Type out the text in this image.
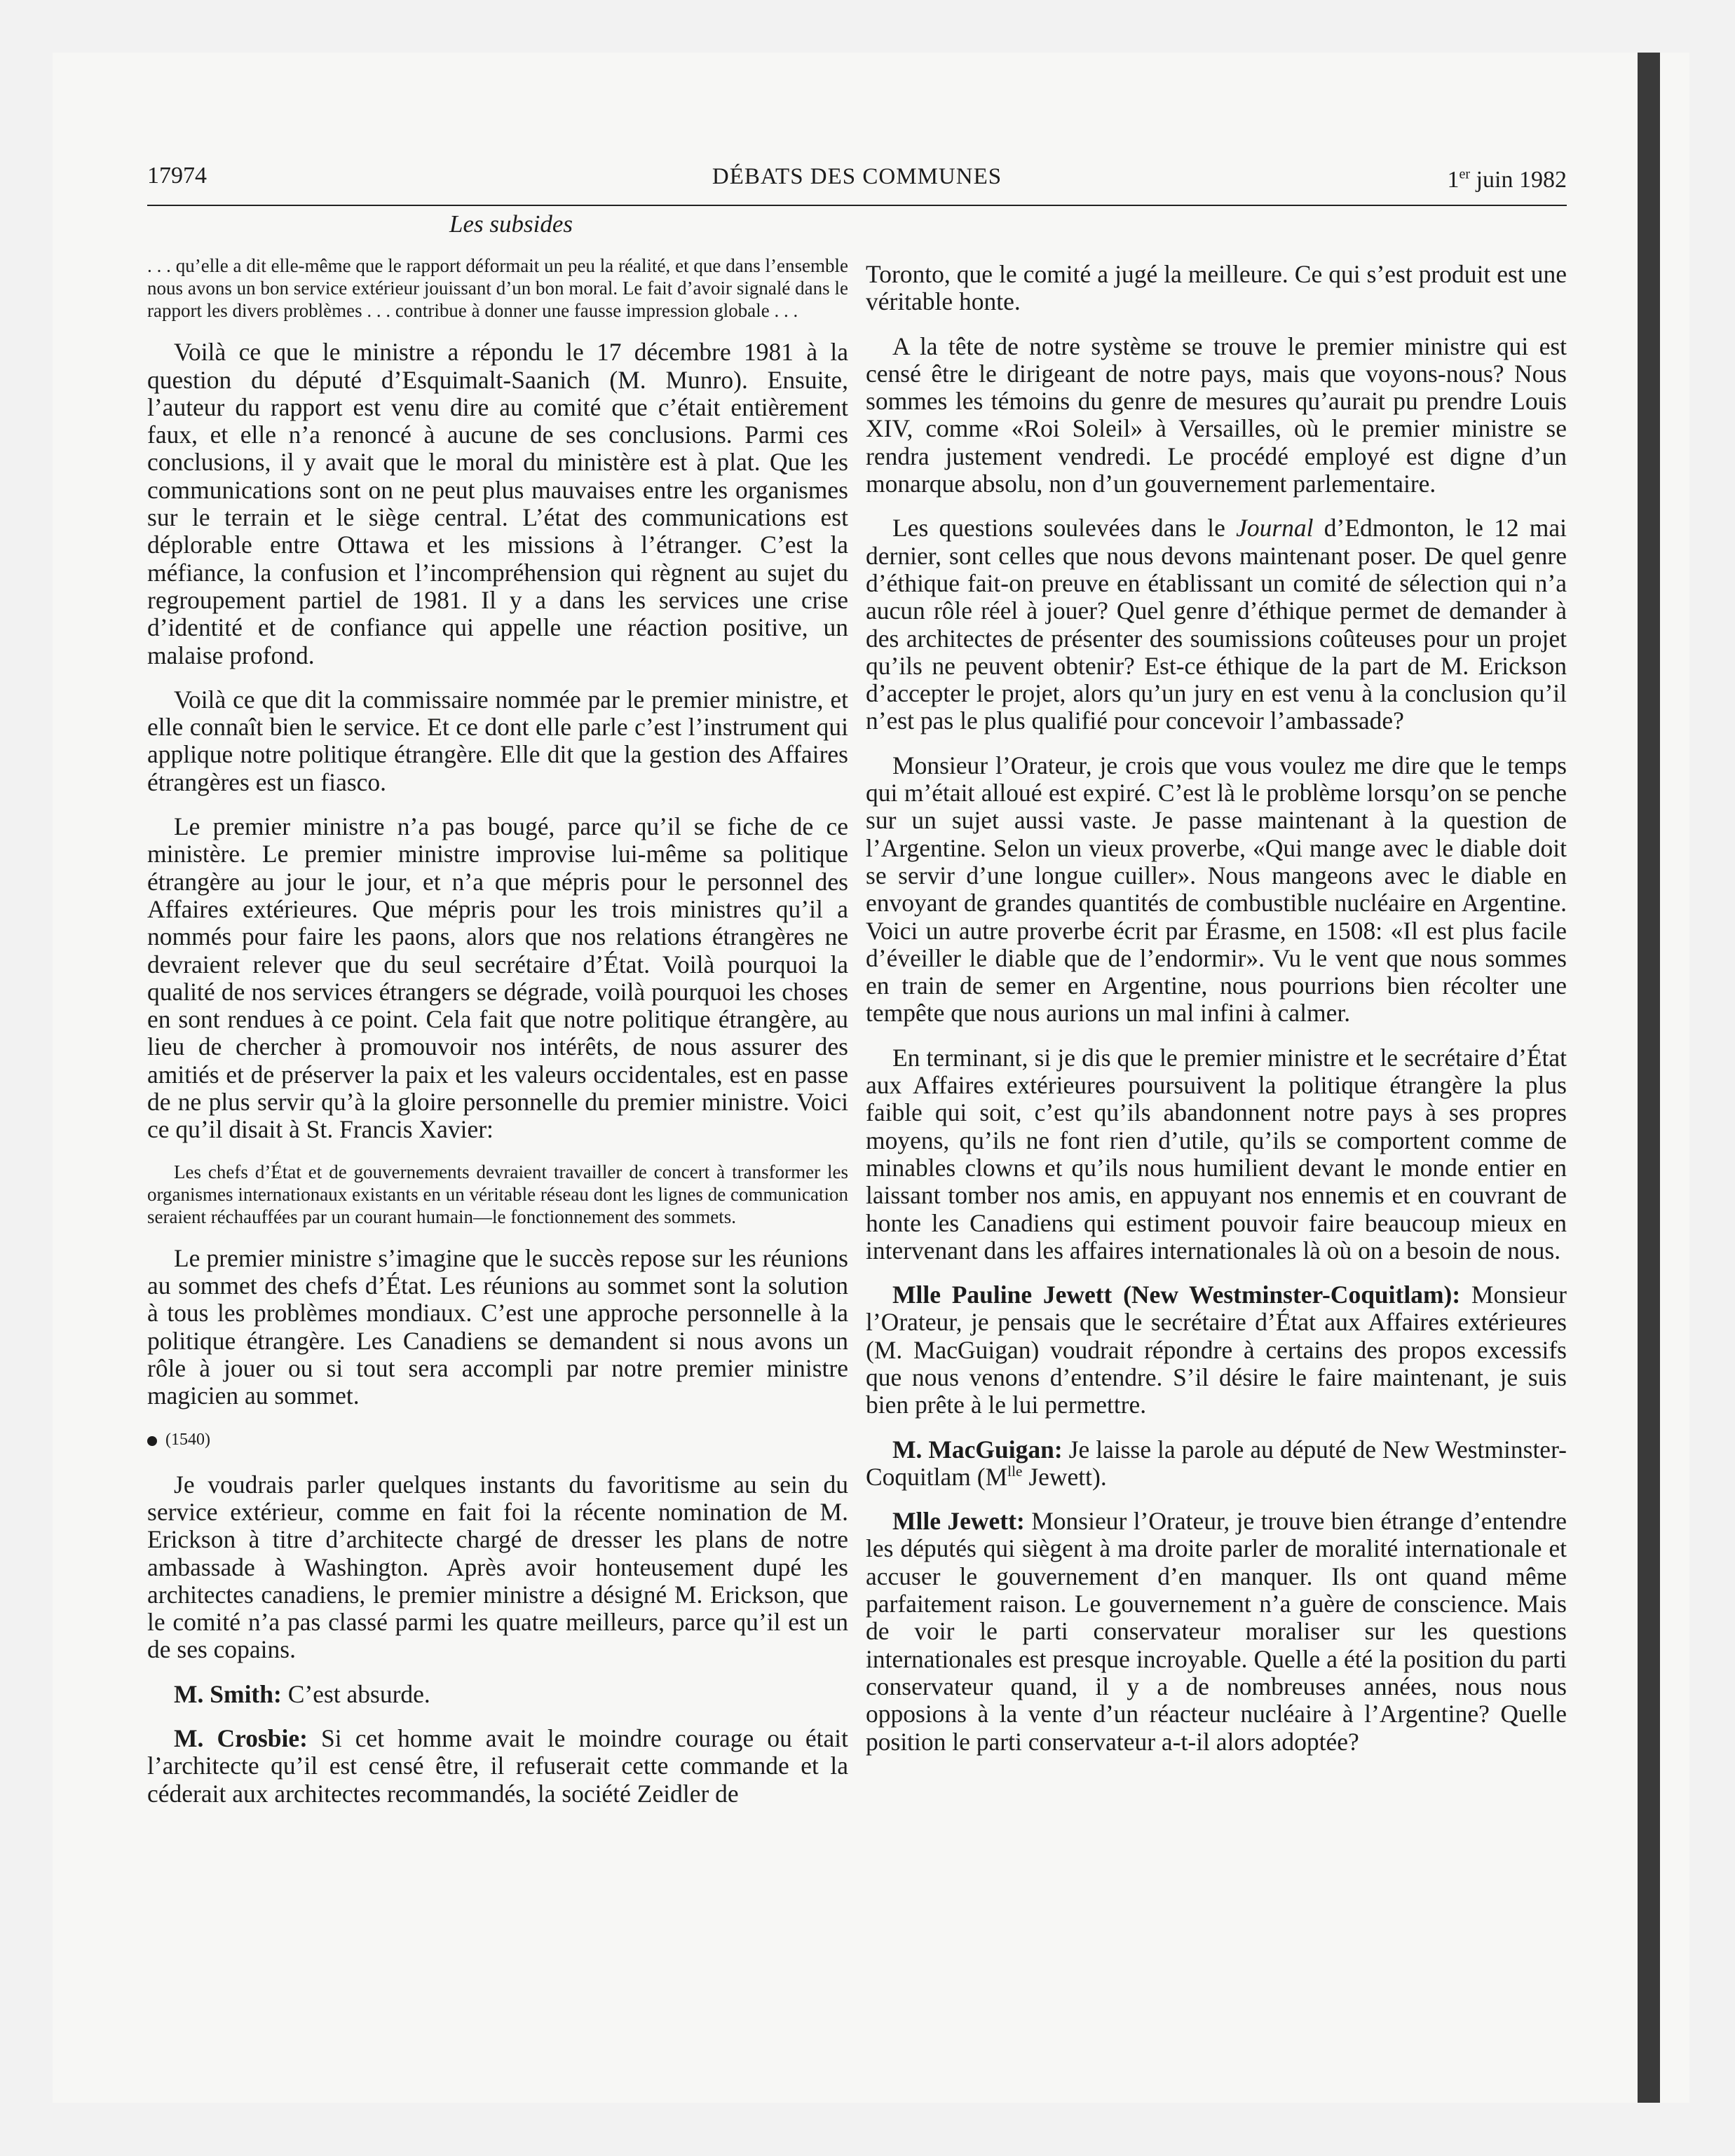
17974	DÉBATS DES COMMUNES	1er juin 1982

Les subsides

. . . qu’elle a dit elle-même que le rapport déformait un peu la réalité, et que dans l’ensemble nous avons un bon service extérieur jouissant d’un bon moral. Le fait d’avoir signalé dans le rapport les divers problèmes . . . contribue à donner une fausse impression globale . . .

Voilà ce que le ministre a répondu le 17 décembre 1981 à la question du député d’Esquimalt-Saanich (M. Munro). Ensuite, l’auteur du rapport est venu dire au comité que c’était entièrement faux, et elle n’a renoncé à aucune de ses conclusions. Parmi ces conclusions, il y avait que le moral du ministère est à plat. Que les communications sont on ne peut plus mauvaises entre les organismes sur le terrain et le siège central. L’état des communications est déplorable entre Ottawa et les missions à l’étranger. C’est la méfiance, la confusion et l’incompréhension qui règnent au sujet du regroupement partiel de 1981. Il y a dans les services une crise d’identité et de confiance qui appelle une réaction positive, un malaise profond.

Voilà ce que dit la commissaire nommée par le premier ministre, et elle connaît bien le service. Et ce dont elle parle c’est l’instrument qui applique notre politique étrangère. Elle dit que la gestion des Affaires étrangères est un fiasco.

Le premier ministre n’a pas bougé, parce qu’il se fiche de ce ministère. Le premier ministre improvise lui-même sa politique étrangère au jour le jour, et n’a que mépris pour le personnel des Affaires extérieures. Que mépris pour les trois ministres qu’il a nommés pour faire les paons, alors que nos relations étrangères ne devraient relever que du seul secrétaire d’État. Voilà pourquoi la qualité de nos services étrangers se dégrade, voilà pourquoi les choses en sont rendues à ce point. Cela fait que notre politique étrangère, au lieu de chercher à promouvoir nos intérêts, de nous assurer des amitiés et de préserver la paix et les valeurs occidentales, est en passe de ne plus servir qu’à la gloire personnelle du premier ministre. Voici ce qu’il disait à St. Francis Xavier:

Les chefs d’État et de gouvernements devraient travailler de concert à transformer les organismes internationaux existants en un véritable réseau dont les lignes de communication seraient réchauffées par un courant humain—le fonctionnement des sommets.

Le premier ministre s’imagine que le succès repose sur les réunions au sommet des chefs d’État. Les réunions au sommet sont la solution à tous les problèmes mondiaux. C’est une approche personnelle à la politique étrangère. Les Canadiens se demandent si nous avons un rôle à jouer ou si tout sera accompli par notre premier ministre magicien au sommet.

(1540)

Je voudrais parler quelques instants du favoritisme au sein du service extérieur, comme en fait foi la récente nomination de M. Erickson à titre d’architecte chargé de dresser les plans de notre ambassade à Washington. Après avoir honteusement dupé les architectes canadiens, le premier ministre a désigné M. Erickson, que le comité n’a pas classé parmi les quatre meilleurs, parce qu’il est un de ses copains.

M. Smith: C’est absurde.

M. Crosbie: Si cet homme avait le moindre courage ou était l’architecte qu’il est censé être, il refuserait cette commande et la céderait aux architectes recommandés, la société Zeidler de

Toronto, que le comité a jugé la meilleure. Ce qui s’est produit est une véritable honte.

A la tête de notre système se trouve le premier ministre qui est censé être le dirigeant de notre pays, mais que voyons-nous? Nous sommes les témoins du genre de mesures qu’aurait pu prendre Louis XIV, comme «Roi Soleil» à Versailles, où le premier ministre se rendra justement vendredi. Le procédé employé est digne d’un monarque absolu, non d’un gouvernement parlementaire.

Les questions soulevées dans le Journal d’Edmonton, le 12 mai dernier, sont celles que nous devons maintenant poser. De quel genre d’éthique fait-on preuve en établissant un comité de sélection qui n’a aucun rôle réel à jouer? Quel genre d’éthique permet de demander à des architectes de présenter des soumissions coûteuses pour un projet qu’ils ne peuvent obtenir? Est-ce éthique de la part de M. Erickson d’accepter le projet, alors qu’un jury en est venu à la conclusion qu’il n’est pas le plus qualifié pour concevoir l’ambassade?

Monsieur l’Orateur, je crois que vous voulez me dire que le temps qui m’était alloué est expiré. C’est là le problème lorsqu’on se penche sur un sujet aussi vaste. Je passe maintenant à la question de l’Argentine. Selon un vieux proverbe, «Qui mange avec le diable doit se servir d’une longue cuiller». Nous mangeons avec le diable en envoyant de grandes quantités de combustible nucléaire en Argentine. Voici un autre proverbe écrit par Érasme, en 1508: «Il est plus facile d’éveiller le diable que de l’endormir». Vu le vent que nous sommes en train de semer en Argentine, nous pourrions bien récolter une tempête que nous aurions un mal infini à calmer.

En terminant, si je dis que le premier ministre et le secrétaire d’État aux Affaires extérieures poursuivent la politique étrangère la plus faible qui soit, c’est qu’ils abandonnent notre pays à ses propres moyens, qu’ils ne font rien d’utile, qu’ils se comportent comme de minables clowns et qu’ils nous humilient devant le monde entier en laissant tomber nos amis, en appuyant nos ennemis et en couvrant de honte les Canadiens qui estiment pouvoir faire beaucoup mieux en intervenant dans les affaires internationales là où on a besoin de nous.

Mlle Pauline Jewett (New Westminster-Coquitlam): Monsieur l’Orateur, je pensais que le secrétaire d’État aux Affaires extérieures (M. MacGuigan) voudrait répondre à certains des propos excessifs que nous venons d’entendre. S’il désire le faire maintenant, je suis bien prête à le lui permettre.

M. MacGuigan: Je laisse la parole au député de New Westminster-Coquitlam ($M^{lle}$ Jewett).

Mlle Jewett: Monsieur l’Orateur, je trouve bien étrange d’entendre les députés qui siègent à ma droite parler de moralité internationale et accuser le gouvernement d’en manquer. Ils ont quand même parfaitement raison. Le gouvernement n’a guère de conscience. Mais de voir le parti conservateur moraliser sur les questions internationales est presque incroyable. Quelle a été la position du parti conservateur quand, il y a de nombreuses années, nous nous opposions à la vente d’un réacteur nucléaire à l’Argentine? Quelle position le parti conservateur a-t-il alors adoptée?
